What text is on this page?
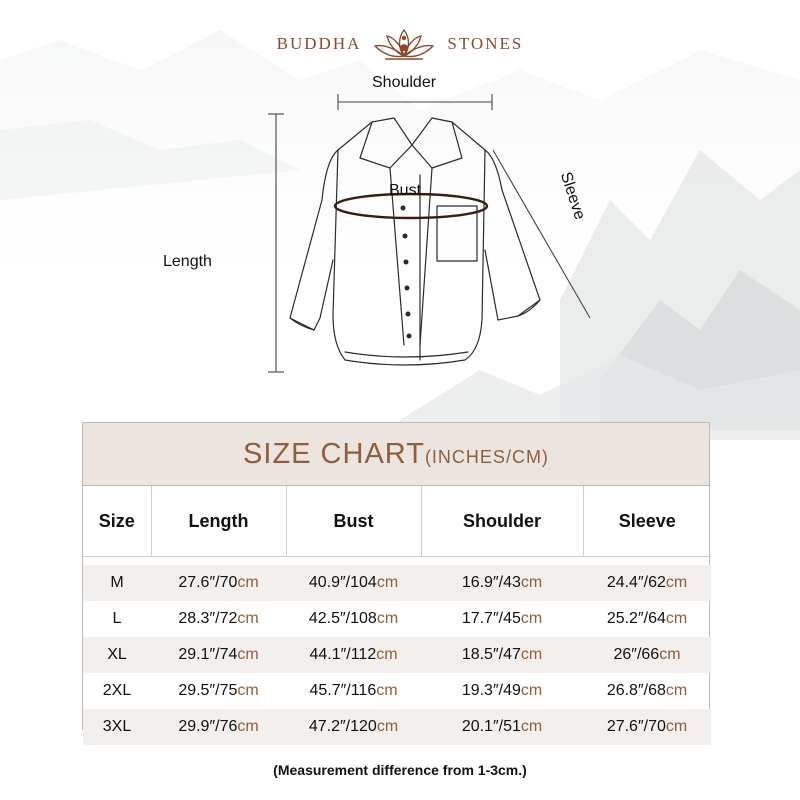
BUDDHA	STONES
Shoulder
Bust
Length
Sleeve
SIZE CHART (INCHES/CM)
Size	Length	Bust	Shoulder	Sleeve

M	27.6″/70cm	40.9″/104cm	16.9″/43cm	24.4″/62cm
L	28.3″/72cm	42.5″/108cm	17.7″/45cm	25.2″/64cm
XL	29.1″/74cm	44.1″/112cm	18.5″/47cm	26″/66cm
2XL	29.5″/75cm	45.7″/116cm	19.3″/49cm	26.8″/68cm
3XL	29.9″/76cm	47.2″/120cm	20.1″/51cm	27.6″/70cm
(Measurement difference from 1-3cm.)
